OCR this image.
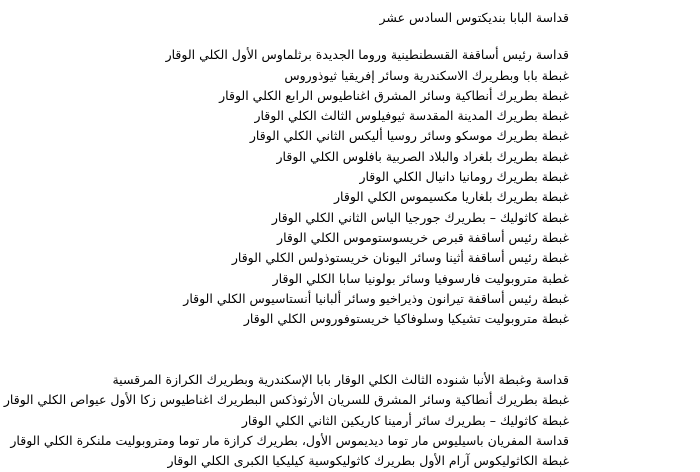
قداسة البابا بنديكتوس السادس عشر
قداسة رئيس أساقفة القسطنطينية وروما الجديدة برثلماوس الأول الكلي الوقار
غبطة بابا وبطريرك الاسكندرية وسائر إفريقيا ثيوذوروس
غبطة بطريرك أنطاكية وسائر المشرق اغناطيوس الرابع الكلي الوقار
غبطة بطريرك المدينة المقدسة ثيوفيلوس الثالث الكلي الوقار
غبطة بطريرك موسكو وسائر روسيا أليكس الثاني الكلي الوقار
غبطة بطريرك بلغراد والبلاد الصربية بافلوس الكلي الوقار
غبطة بطريرك رومانيا دانيال الكلي الوقار
غبطة بطريرك بلغاريا مكسيموس الكلي الوقار
غبطة كاثوليك – بطريرك جورجيا الياس الثاني الكلي الوقار
غبطة رئيس أساقفة قبرص خريسوستوموس الكلي الوقار
غبطة رئيس أساقفة أثينا وسائر اليونان خريستوذولس الكلي الوقار
غطبة متروبوليت فارسوفيا وسائر بولونيا سابا الكلي الوقار
غبطة رئيس أساقفة تيرانون وذيراخيو وسائر ألبانيا أنستاسيوس الكلي الوقار
غبطة متروبوليت تشيكيا وسلوفاكيا خريستوفوروس الكلي الوقار
قداسة وغبطة الأنبا شنوده الثالث الكلي الوقار بابا الإسكندرية وبطريرك الكرازة المرقسية
غبطة بطريرك أنطاكية وسائر المشرق للسريان الأرثوذكس البطريرك اغناطيوس زكا الأول عيواص الكلي الوقار
غبطة كاثوليك – بطريرك سائر أرمينا كاريكين الثاني الكلي الوقار
قداسة المفريان باسيليوس مار توما ديديموس الأول، بطريرك كرازة مار توما ومتروبوليت ملنكرة الكلي الوقار
غبطة الكاثوليكوس آرام الأول بطريرك كاثوليكوسية كيليكيا الكبرى الكلي الوقار
